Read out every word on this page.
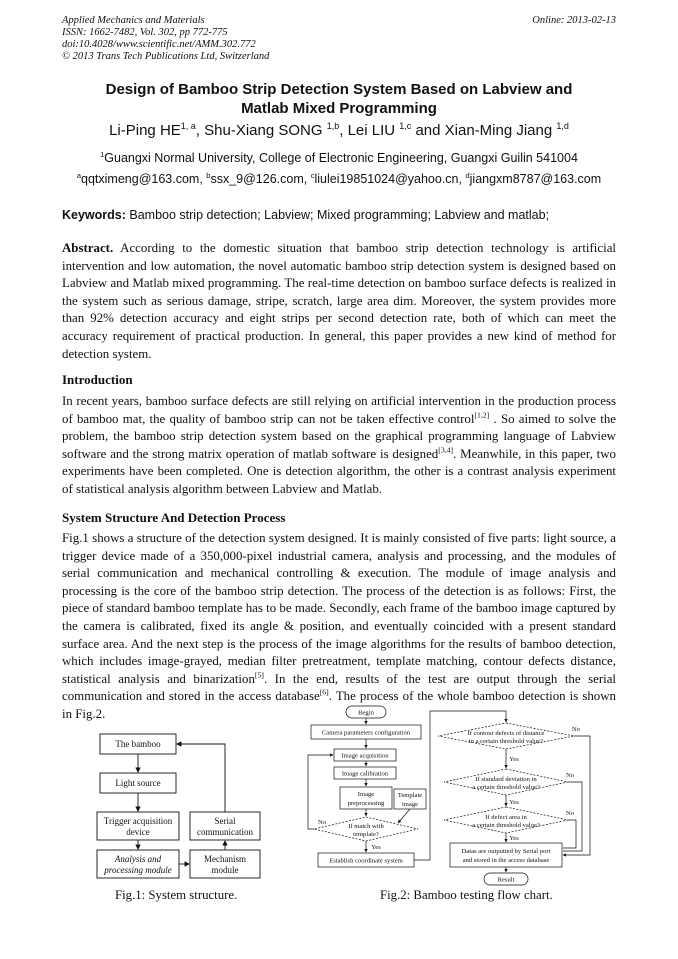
Applied Mechanics and Materials
ISSN: 1662-7482, Vol. 302, pp 772-775
doi:10.4028/www.scientific.net/AMM.302.772
© 2013 Trans Tech Publications Ltd, Switzerland
Online: 2013-02-13
Design of Bamboo Strip Detection System Based on Labview and
Matlab Mixed Programming
Li-Ping HE$^{1, a}$, Shu-Xiang SONG $^{1,b}$, Lei LIU $^{1,c}$ and Xian-Ming Jiang $^{1,d}$
$^1$Guangxi Normal University, College of Electronic Engineering, Guangxi Guilin 541004
$^a$qqtximeng@163.com, $^b$ssx_9@126.com, $^c$liulei19851024@yahoo.cn, $^d$jiangxm8787@163.com
Keywords: Bamboo strip detection; Labview; Mixed programming; Labview and matlab;
Abstract. According to the domestic situation that bamboo strip detection technology is artificial intervention and low automation, the novel automatic bamboo strip detection system is designed based on Labview and Matlab mixed programming. The real-time detection on bamboo surface defects is realized in the system such as serious damage, stripe, scratch, large area dim. Moreover, the system provides more than 92% detection accuracy and eight strips per second detection rate, both of which can meet the accuracy requirement of practical production. In general, this paper provides a new kind of method for detection system.
Introduction
In recent years, bamboo surface defects are still relying on artificial intervention in the production process of bamboo mat, the quality of bamboo strip can not be taken effective control[1,2] . So aimed to solve the problem, the bamboo strip detection system based on the graphical programming language of Labview software and the strong matrix operation of matlab software is designed[3,4]. Meanwhile, in this paper, two experiments have been completed. One is detection algorithm, the other is a contrast analysis experiment of statistical analysis algorithm between Labview and Matlab.
System Structure And Detection Process
Fig.1 shows a structure of the detection system designed. It is mainly consisted of five parts: light source, a trigger device made of a 350,000-pixel industrial camera, analysis and processing, and the modules of serial communication and mechanical controlling & execution. The module of image analysis and processing is the core of the bamboo strip detection. The process of the detection is as follows: First, the piece of standard bamboo template has to be made. Secondly, each frame of the bamboo image captured by the camera is calibrated, fixed its angle & position, and eventually coincided with a present standard surface area. And the next step is the process of the image algorithms for the results of bamboo detection, which includes image-grayed, median filter pretreatment, template matching, contour defects distance, statistical analysis and binarization[5]. In the end, results of the test are output through the serial communication and stored in the access database[6]. The process of the whole bamboo detection is shown in Fig.2.
The bamboo
Light source
Trigger acquisition
device
Analysis and
processing module
Serial
communication
Mechanism
module
Fig.1: System structure.
Begin
Camera parameters configuration
Image acquisition
Image calibration
Image
preprocessing
Template
image
If match with
template?
Establish coordinate system
If contour defects of distance
in a certain threshold value?
If standard deviation in
a certain threshold value?
If defect area in
a certain threshold value?
Datas are outputted by Serial port
and stored in the access database
Result
Yes
Yes
Yes
Yes
No
No
No
No
Fig.2: Bamboo testing flow chart.
